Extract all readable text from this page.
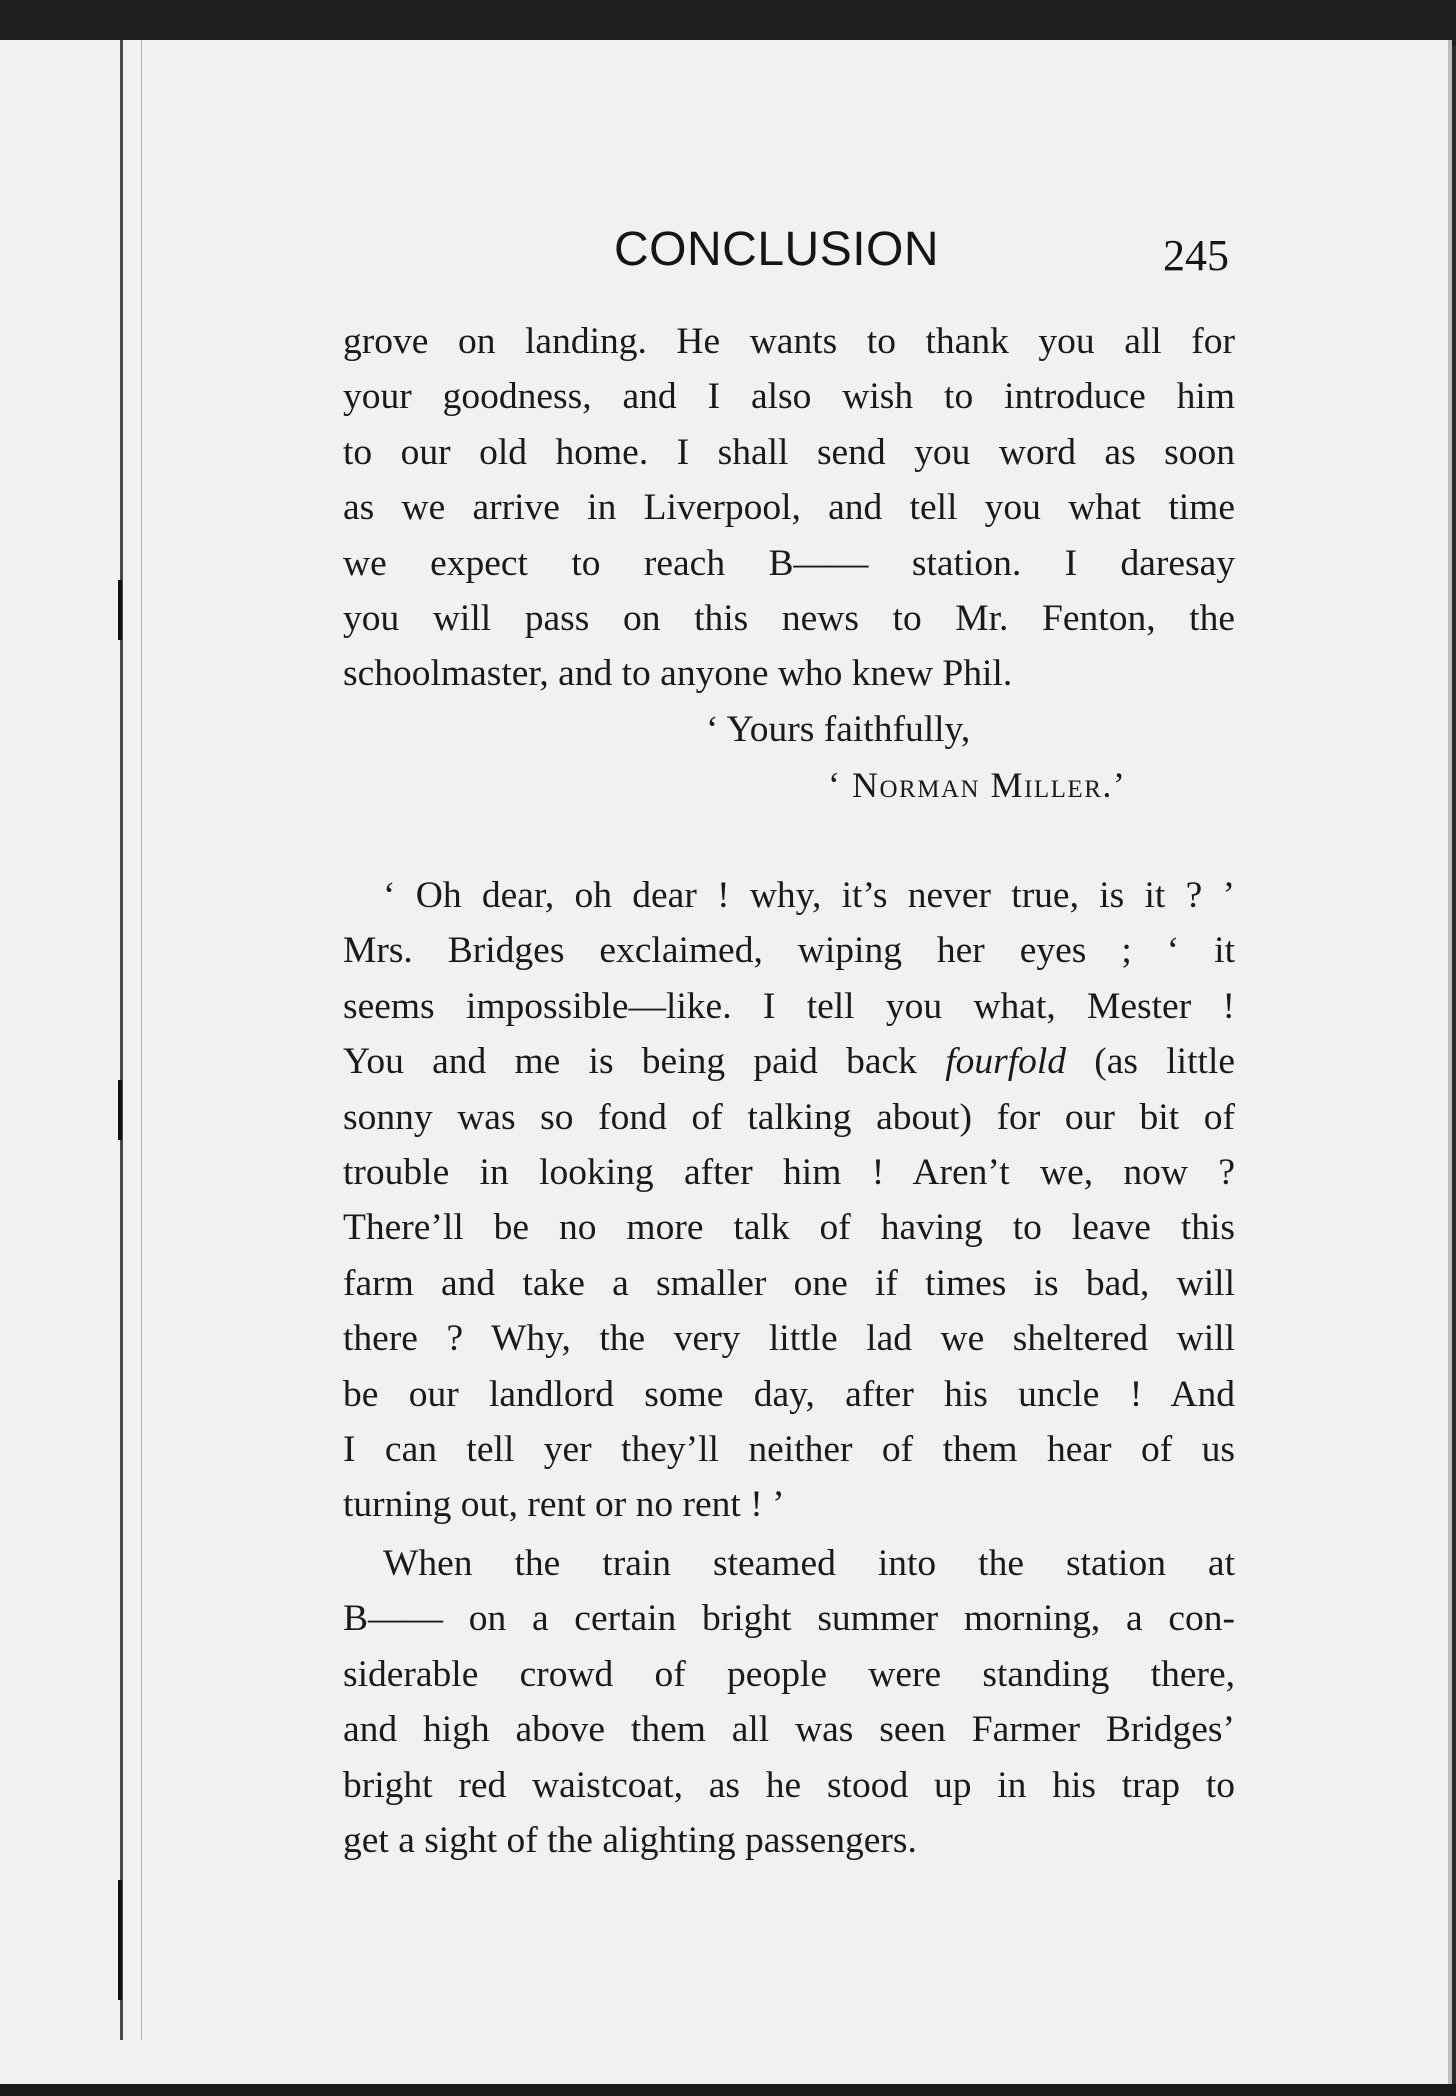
CONCLUSION	245
grove on landing. He wants to thank you all for
your goodness, and I also wish to introduce him
to our old home. I shall send you word as soon
as we arrive in Liverpool, and tell you what time
we expect to reach B—— station. I daresay
you will pass on this news to Mr. Fenton, the
schoolmaster, and to anyone who knew Phil.
‘ Yours faithfully,
‘ Norman Miller.’
‘ Oh dear, oh dear ! why, it’s never true, is it ? ’
Mrs. Bridges exclaimed, wiping her eyes ; ‘ it
seems impossible—like. I tell you what, Mester !
You and me is being paid back fourfold (as little
sonny was so fond of talking about) for our bit of
trouble in looking after him ! Aren’t we, now ?
There’ll be no more talk of having to leave this
farm and take a smaller one if times is bad, will
there ? Why, the very little lad we sheltered will
be our landlord some day, after his uncle ! And
I can tell yer they’ll neither of them hear of us
turning out, rent or no rent ! ’
When the train steamed into the station at
B—— on a certain bright summer morning, a con-
siderable crowd of people were standing there,
and high above them all was seen Farmer Bridges’
bright red waistcoat, as he stood up in his trap to
get a sight of the alighting passengers.
